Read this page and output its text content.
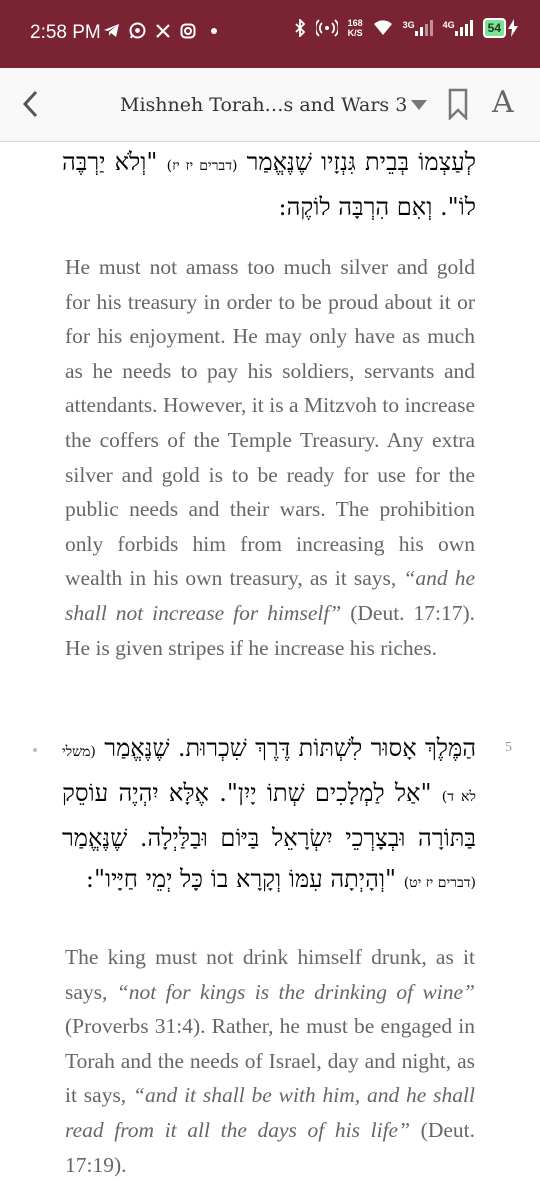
2:58 PM	168
K/S
3G	4G	54
Mishneh Torah…s and Wars 3	A

לְעַצְמוֹ בְּבֵית גִּנְזָיו שֶׁנֶּאֱמַר (דברים יז יז) "וְלֹא יַרְבֶּה לוֹ". וְאִם הִרְבָּה לוֹקֶה:

He must not amass too much silver and gold for his treasury in order to be proud about it or for his enjoyment. He may only have as much as he needs to pay his soldiers, servants and attendants. However, it is a Mitzvoh to increase the coffers of the Temple Treasury. Any extra silver and gold is to be ready for use for the public needs and their wars. The prohibition only forbids him from increasing his own wealth in his own treasury, as it says, “and he shall not increase for himself” (Deut. 17:17). He is given stripes if he increase his riches.

5

הַמֶּלֶךְ אָסוּר לִשְׁתּוֹת דֶּרֶךְ שִׁכְרוּת. שֶׁנֶּאֱמַר (משלי לא ד) "אַל לַמְלָכִים שְׁתוֹ יָיִן". אֶלָּא יִהְיֶה עוֹסֵק בַּתּוֹרָה וּבְצָרְכֵי יִשְׂרָאֵל בַּיּוֹם וּבַלַּיְלָה. שֶׁנֶּאֱמַר (דברים יז יט) "וְהָיְתָה עִמּוֹ וְקָרָא בוֹ כָּל יְמֵי חַיָּיו":

The king must not drink himself drunk, as it says, “not for kings is the drinking of wine” (Proverbs 31:4). Rather, he must be engaged in Torah and the needs of Israel, day and night, as it says, “and it shall be with him, and he shall read from it all the days of his life” (Deut. 17:19).
